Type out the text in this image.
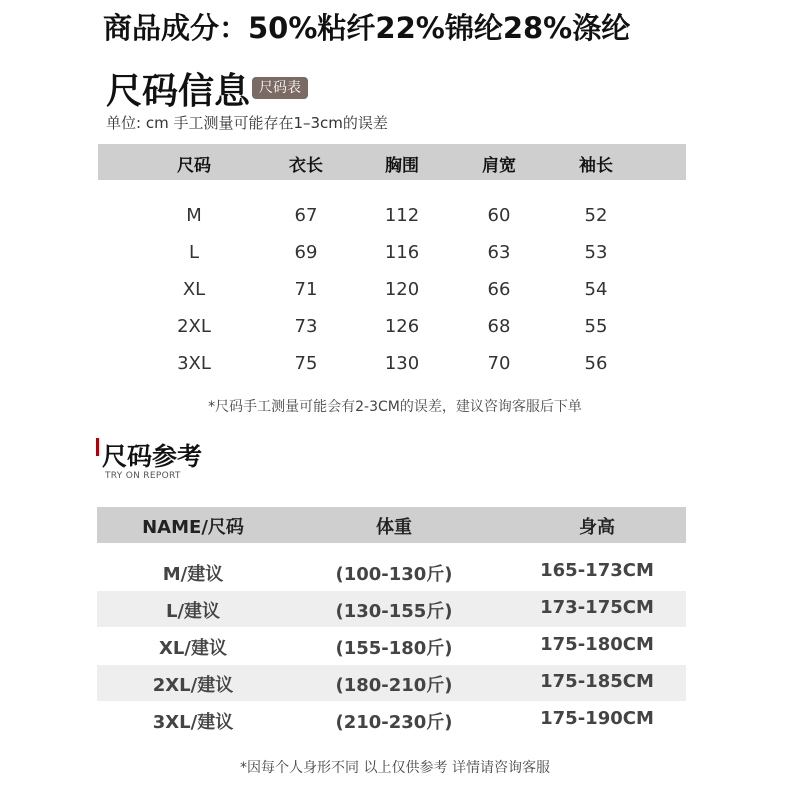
商品成分：50%粘纤22%锦纶28%涤纶
尺码信息 尺码表
单位: cm 手工测量可能存在1–3cm的误差
尺码	衣长	胸围	肩宽	袖长
M	67	112	60	52
L	69	116	63	53
XL	71	120	66	54
2XL	73	126	68	55
3XL	75	130	70	56
*尺码手工测量可能会有2-3CM的误差，建议咨询客服后下单
尺码参考
TRY ON REPORT
NAME/尺码	体重	身高
M/建议	(100-130斤)	165-173CM
L/建议	(130-155斤)	173-175CM
XL/建议	(155-180斤)	175-180CM
2XL/建议	(180-210斤)	175-185CM
3XL/建议	(210-230斤)	175-190CM
*因每个人身形不同 以上仅供参考 详情请咨询客服
